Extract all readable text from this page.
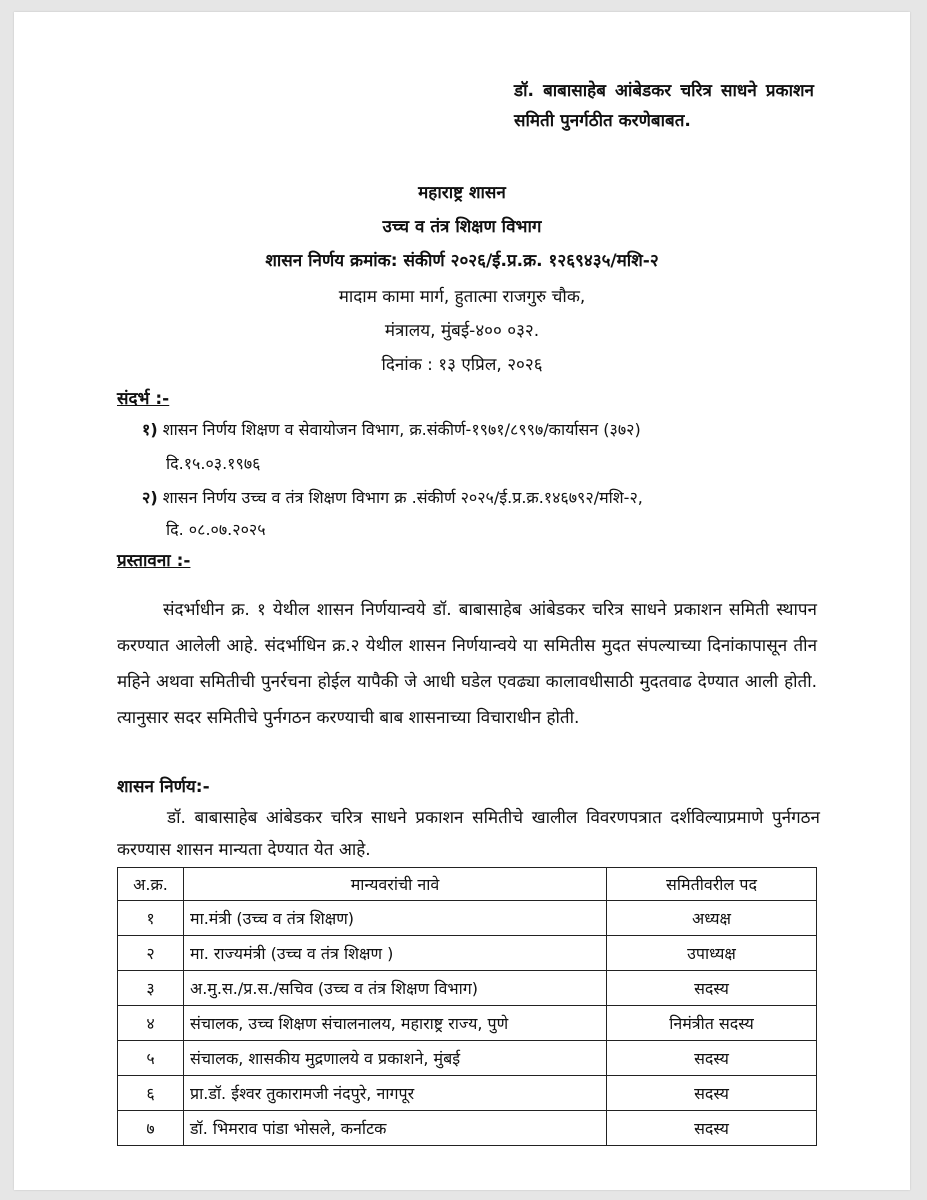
डॉ. बाबासाहेब आंबेडकर चरित्र साधने प्रकाशन समिती पुनर्गठीत करणेबाबत.
महाराष्ट्र शासन
उच्च व तंत्र शिक्षण विभाग
शासन निर्णय क्रमांक: संकीर्ण २०२६/ई.प्र.क्र. १२६९४३५/मशि-२
मादाम कामा मार्ग, हुतात्मा राजगुरु चौक,
मंत्रालय, मुंबई-४०० ०३२.
दिनांक : १३ एप्रिल, २०२६
संदर्भ :-
१) शासन निर्णय शिक्षण व सेवायोजन विभाग, क्र.संकीर्ण-१९७१/८९९७/कार्यासन (३७२)
दि.१५.०३.१९७६
२) शासन निर्णय उच्च व तंत्र शिक्षण विभाग क्र .संकीर्ण २०२५/ई.प्र.क्र.१४६७९२/मशि-२,
दि. ०८.०७.२०२५
प्रस्तावना :-
संदर्भाधीन क्र. १ येथील शासन निर्णयान्वये डॉ. बाबासाहेब आंबेडकर चरित्र साधने प्रकाशन समिती स्थापन करण्यात आलेली आहे. संदर्भाधिन क्र.२ येथील शासन निर्णयान्वये या समितीस मुदत संपल्याच्या दिनांकापासून तीन महिने अथवा समितीची पुनर्रचना होईल यापैकी जे आधी घडेल एवढ्या कालावधीसाठी मुदतवाढ देण्यात आली होती. त्यानुसार सदर समितीचे पुर्नगठन करण्याची बाब शासनाच्या विचाराधीन होती.
शासन निर्णय:-
डॉ. बाबासाहेब आंबेडकर चरित्र साधने प्रकाशन समितीचे खालील विवरणपत्रात दर्शविल्याप्रमाणे पुर्नगठन करण्यास शासन मान्यता देण्यात येत आहे.
अ.क्र.	मान्यवरांची नावे	समितीवरील पद
१	मा.मंत्री (उच्च व तंत्र शिक्षण)	अध्यक्ष
२	मा. राज्यमंत्री (उच्च व तंत्र शिक्षण )	उपाध्यक्ष
३	अ.मु.स./प्र.स./सचिव (उच्च व तंत्र शिक्षण विभाग)	सदस्य
४	संचालक, उच्च शिक्षण संचालनालय, महाराष्ट्र राज्य, पुणे	निमंत्रीत सदस्य
५	संचालक, शासकीय मुद्रणालये व प्रकाशने, मुंबई	सदस्य
६	प्रा.डॉ. ईश्वर तुकारामजी नंदपुरे, नागपूर	सदस्य
७	डॉ. भिमराव पांडा भोसले, कर्नाटक	सदस्य
